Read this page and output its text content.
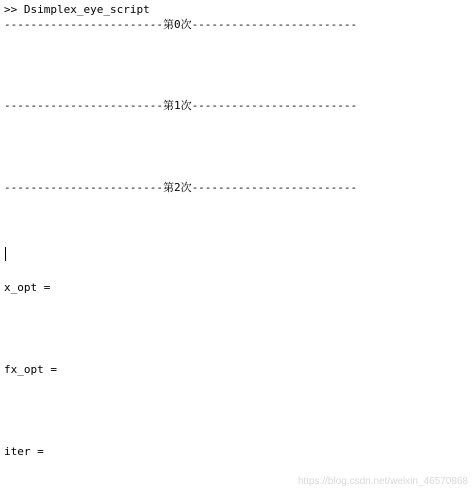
>> Dsimplex_eye_script
------------------------第0次-------------------------
------------------------第1次-------------------------
------------------------第2次-------------------------
x_opt =
fx_opt =
iter =
https://blog.csdn.net/weixin_46570868
